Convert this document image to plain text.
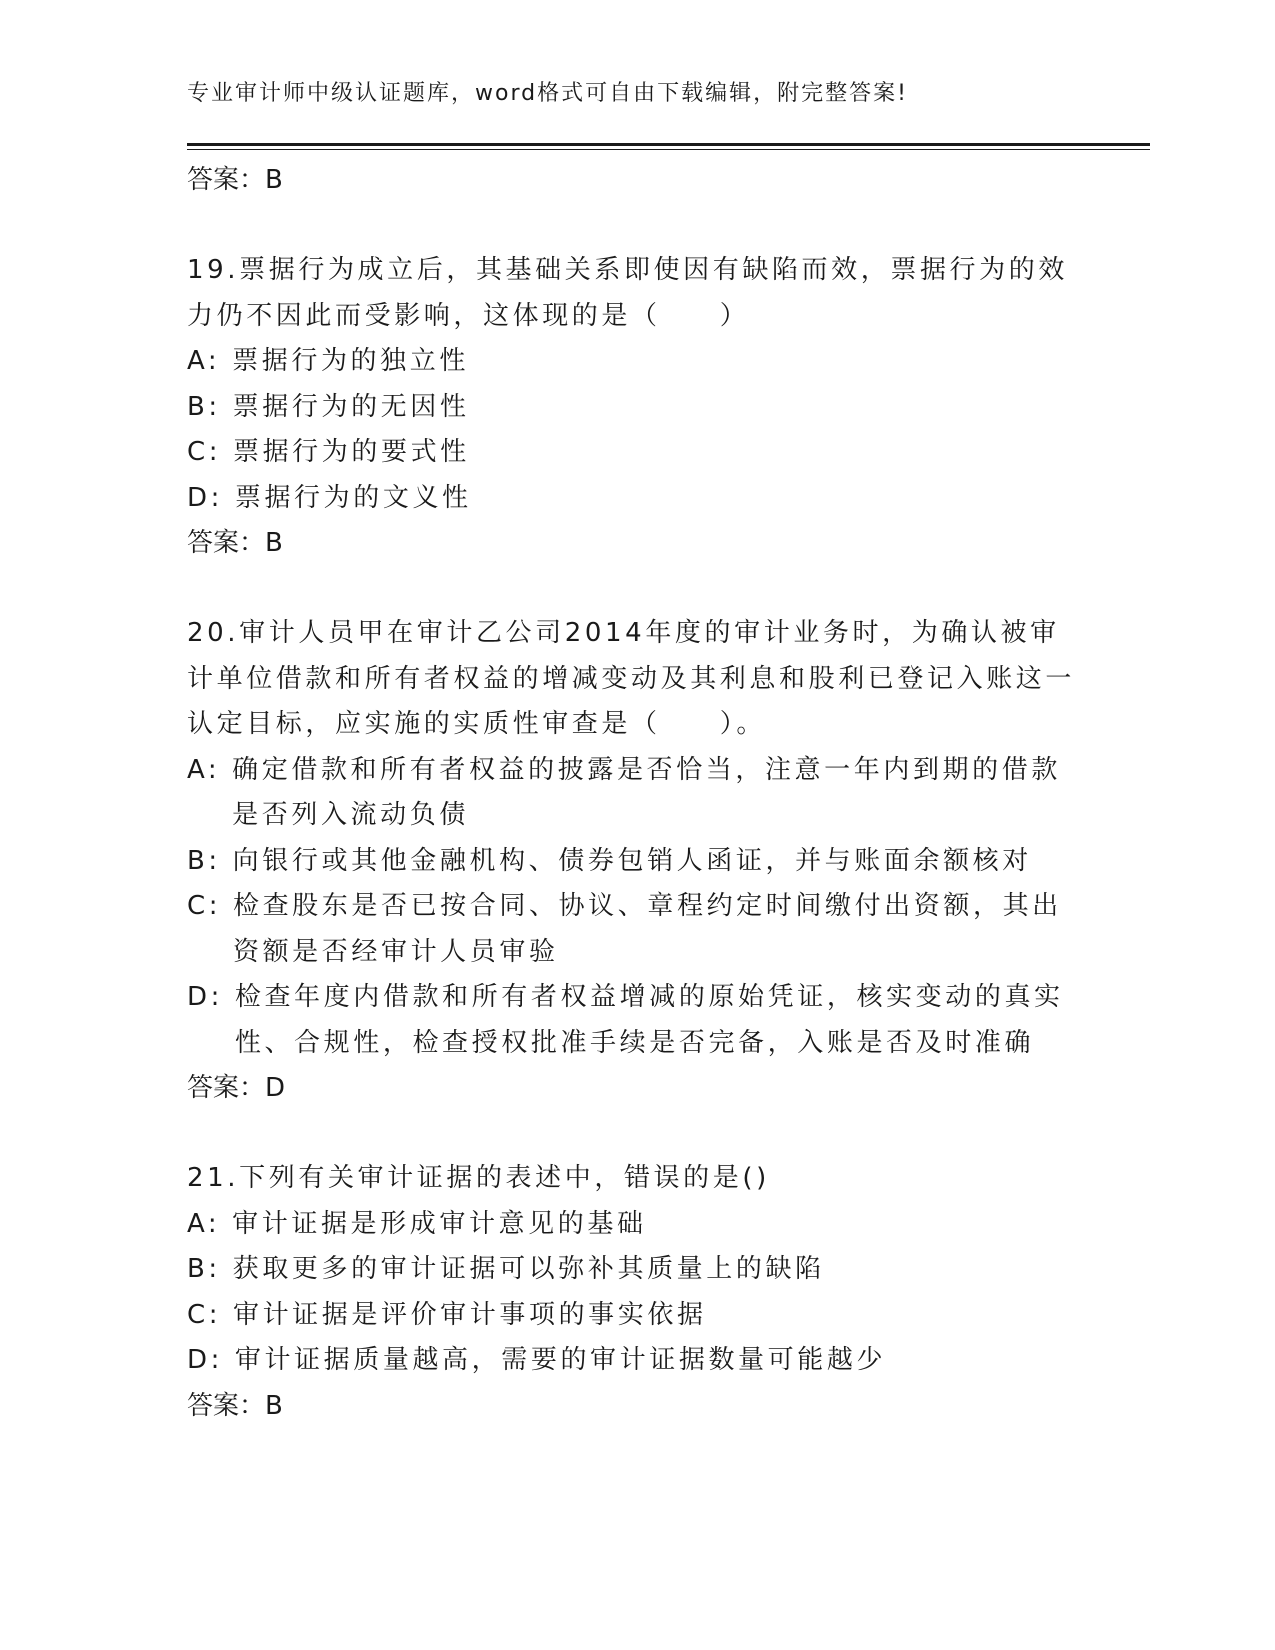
专业审计师中级认证题库，word格式可自由下载编辑，附完整答案!
答案：B
19.票据行为成立后，其基础关系即使因有缺陷而效，票据行为的效力仍不因此而受影响，这体现的是（　　）
A: 票据行为的独立性
B: 票据行为的无因性
C: 票据行为的要式性
D: 票据行为的文义性
答案：B
20.审计人员甲在审计乙公司2014年度的审计业务时，为确认被审计单位借款和所有者权益的增减变动及其利息和股利已登记入账这一认定目标，应实施的实质性审查是（　　）。
A: 确定借款和所有者权益的披露是否恰当，注意一年内到期的借款是否列入流动负债
B: 向银行或其他金融机构、债券包销人函证，并与账面余额核对
C: 检查股东是否已按合同、协议、章程约定时间缴付出资额，其出资额是否经审计人员审验
D: 检查年度内借款和所有者权益增减的原始凭证，核实变动的真实性、合规性，检查授权批准手续是否完备，入账是否及时准确
答案：D
21.下列有关审计证据的表述中，错误的是()
A: 审计证据是形成审计意见的基础
B: 获取更多的审计证据可以弥补其质量上的缺陷
C: 审计证据是评价审计事项的事实依据
D: 审计证据质量越高，需要的审计证据数量可能越少
答案：B
